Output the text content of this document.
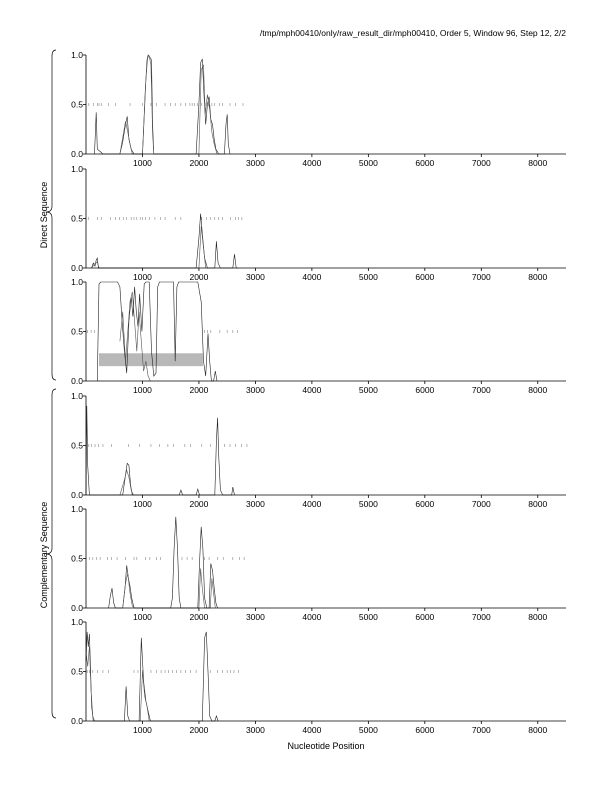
/tmp/mph00410/only/raw_result_dir/mph00410, Order 5, Window 96, Step 12, 2/2
0.0
0.5
1.0
1000	2000	3000	4000	5000	6000	7000	8000
0.0
0.5
1.0
1000	2000	3000	4000	5000	6000	7000	8000
0.0
0.5
1.0
1000	2000	3000	4000	5000	6000	7000	8000
0.0
0.5
1.0
1000	2000	3000	4000	5000	6000	7000	8000
0.0
0.5
1.0
1000	2000	3000	4000	5000	6000	7000	8000
0.0
0.5
1.0
1000	2000	3000	4000	5000	6000	7000	8000
Direct Sequence
Complementary Sequence
Nucleotide Position
